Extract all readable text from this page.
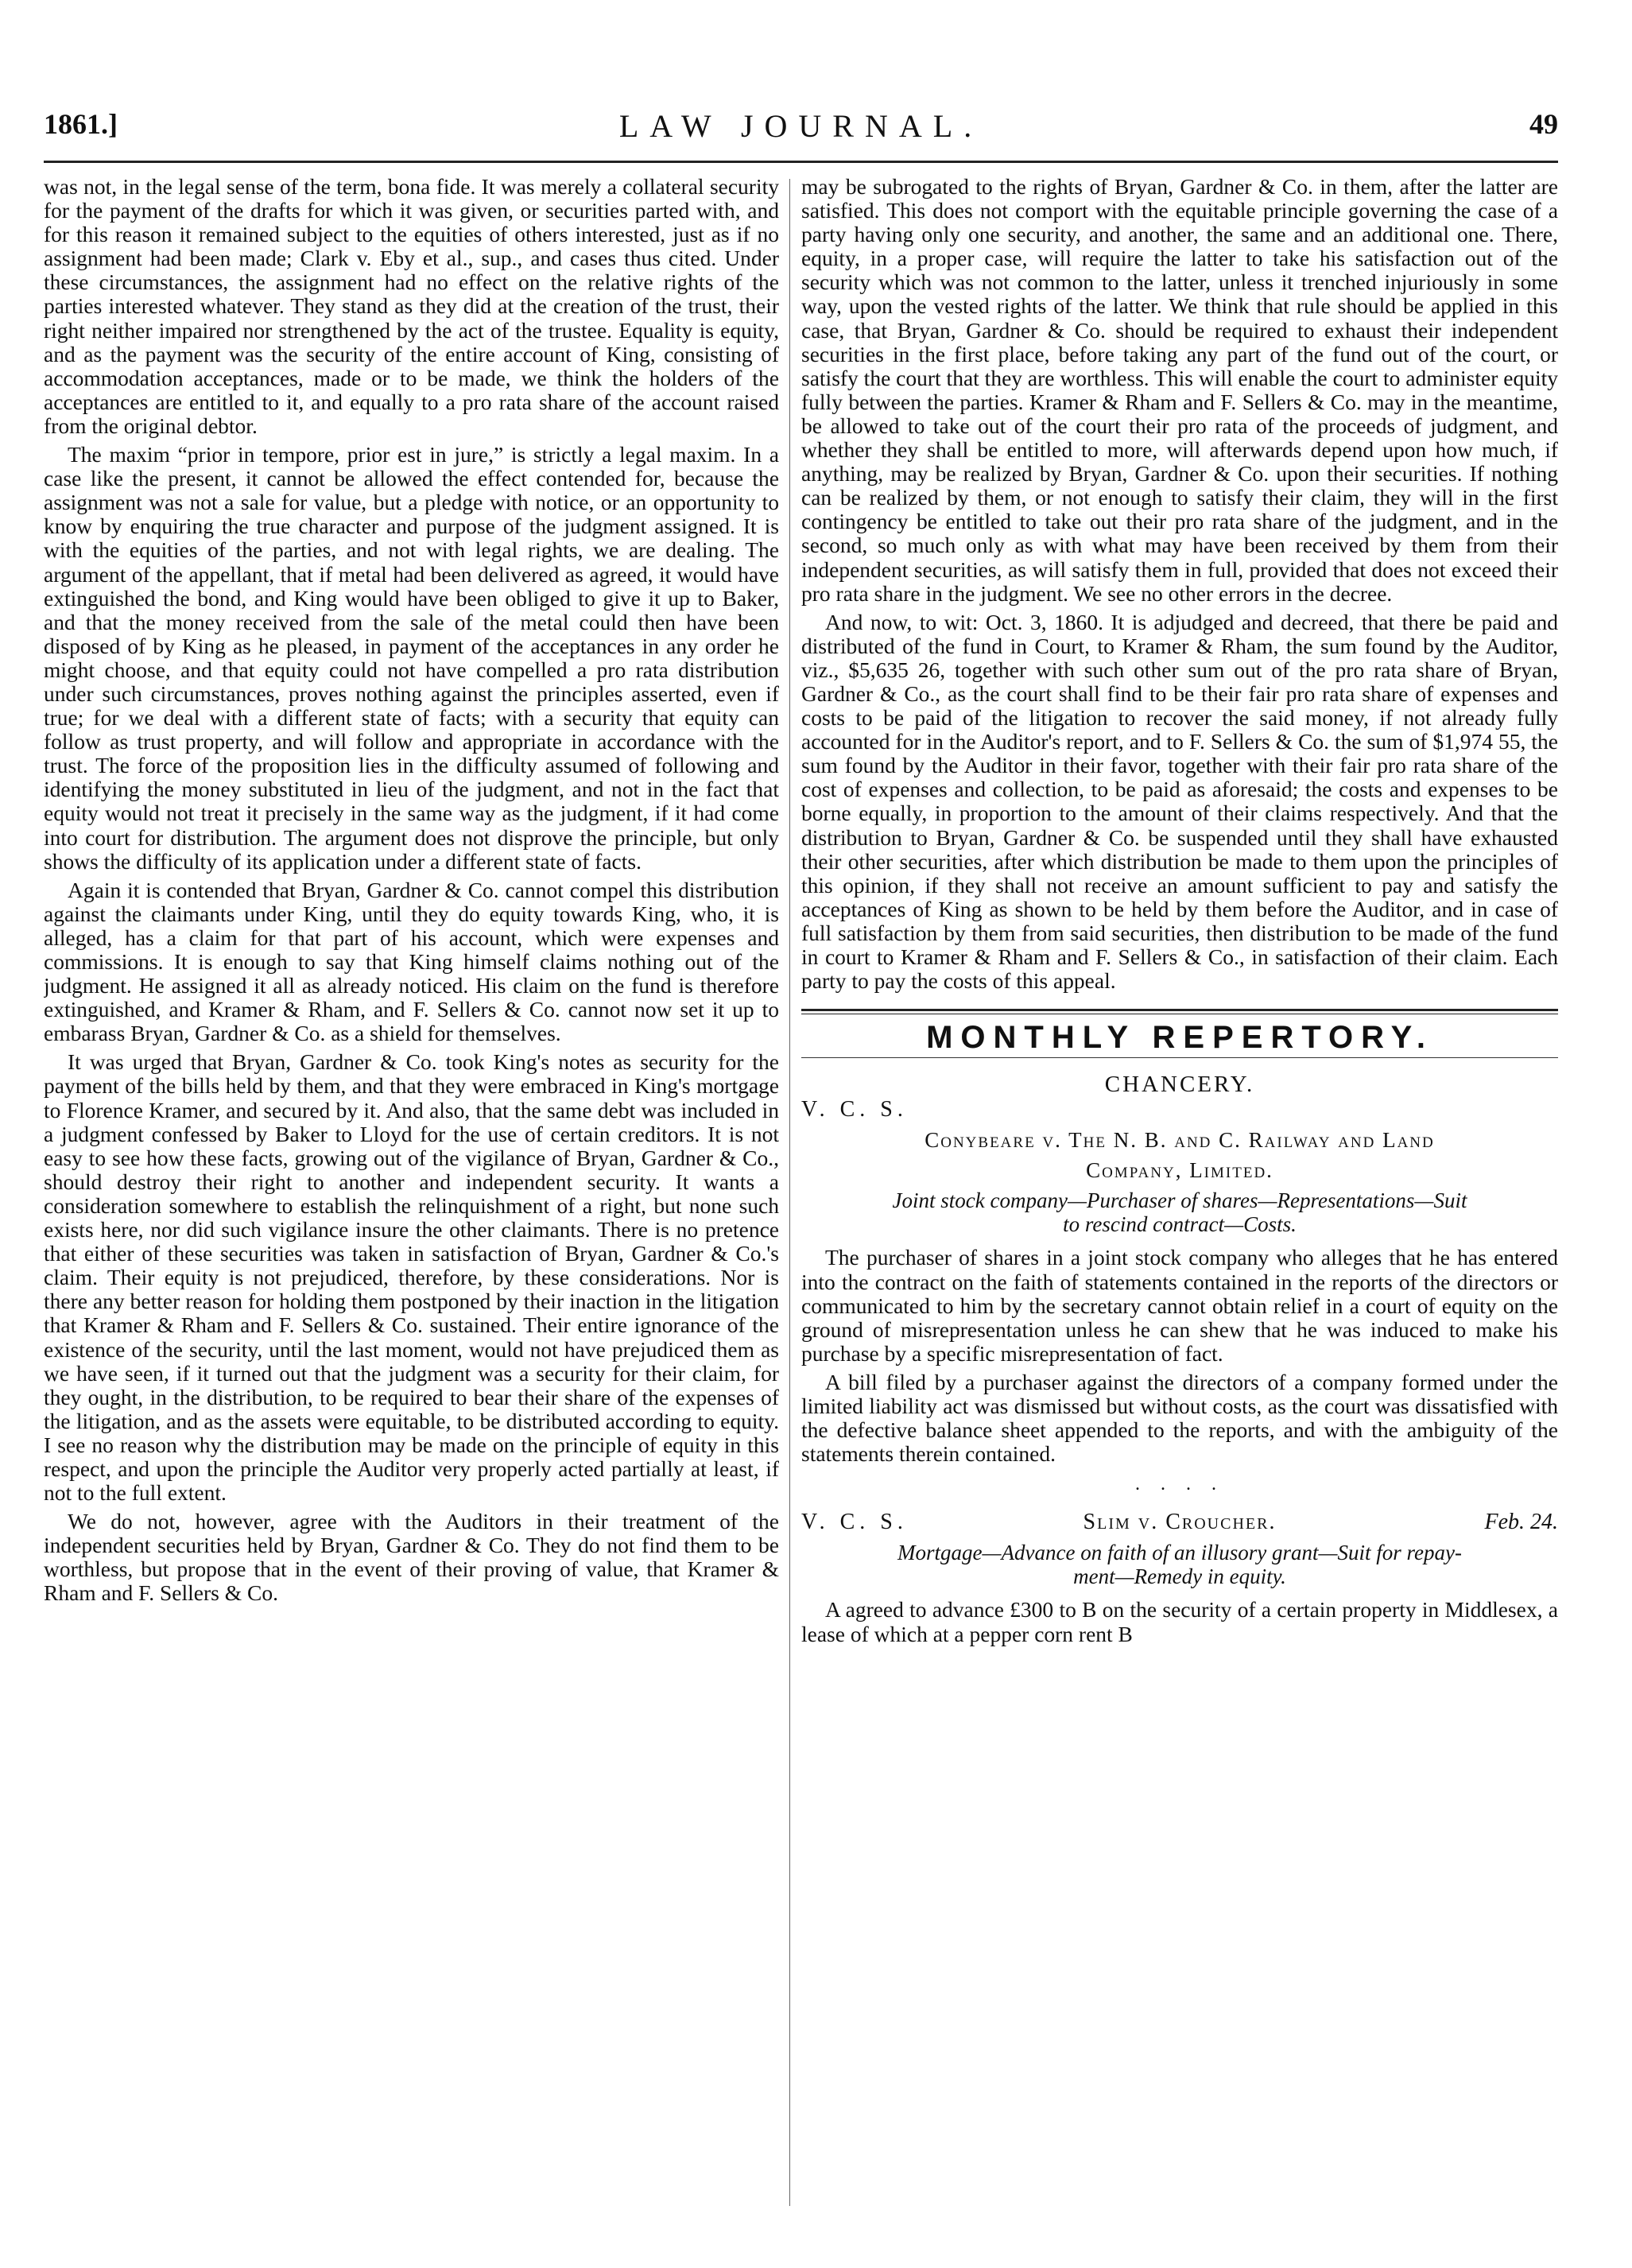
1861.]	LAW JOURNAL.	49

was not, in the legal sense of the term, bona fide. It was merely a collateral security for the payment of the drafts for which it was given, or securities parted with, and for this reason it remained subject to the equities of others interested, just as if no assignment had been made; Clark v. Eby et al., sup., and cases thus cited. Under these circumstances, the assignment had no effect on the relative rights of the parties interested whatever. They stand as they did at the creation of the trust, their right neither impaired nor strengthened by the act of the trustee. Equality is equity, and as the payment was the security of the entire account of King, consisting of accommodation acceptances, made or to be made, we think the holders of the acceptances are entitled to it, and equally to a pro rata share of the account raised from the original debtor.

The maxim “prior in tempore, prior est in jure,” is strictly a legal maxim. In a case like the present, it cannot be allowed the effect contended for, because the assignment was not a sale for value, but a pledge with notice, or an opportunity to know by enquiring the true character and purpose of the judgment assigned. It is with the equities of the parties, and not with legal rights, we are dealing. The argument of the appellant, that if metal had been delivered as agreed, it would have extinguished the bond, and King would have been obliged to give it up to Baker, and that the money received from the sale of the metal could then have been disposed of by King as he pleased, in payment of the acceptances in any order he might choose, and that equity could not have compelled a pro rata distribution under such circumstances, proves nothing against the principles asserted, even if true; for we deal with a different state of facts; with a security that equity can follow as trust property, and will follow and appropriate in accordance with the trust. The force of the proposition lies in the difficulty assumed of following and identifying the money substituted in lieu of the judgment, and not in the fact that equity would not treat it precisely in the same way as the judgment, if it had come into court for distribution. The argument does not disprove the principle, but only shows the difficulty of its application under a different state of facts.

Again it is contended that Bryan, Gardner & Co. cannot compel this distribution against the claimants under King, until they do equity towards King, who, it is alleged, has a claim for that part of his account, which were expenses and commissions. It is enough to say that King himself claims nothing out of the judgment. He assigned it all as already noticed. His claim on the fund is therefore extinguished, and Kramer & Rham, and F. Sellers & Co. cannot now set it up to embarass Bryan, Gardner & Co. as a shield for themselves.

It was urged that Bryan, Gardner & Co. took King's notes as security for the payment of the bills held by them, and that they were embraced in King's mortgage to Florence Kramer, and secured by it. And also, that the same debt was included in a judgment confessed by Baker to Lloyd for the use of certain creditors. It is not easy to see how these facts, growing out of the vigilance of Bryan, Gardner & Co., should destroy their right to another and independent security. It wants a consideration somewhere to establish the relinquishment of a right, but none such exists here, nor did such vigilance insure the other claimants. There is no pretence that either of these securities was taken in satisfaction of Bryan, Gardner & Co.'s claim. Their equity is not prejudiced, therefore, by these considerations. Nor is there any better reason for holding them postponed by their inaction in the litigation that Kramer & Rham and F. Sellers & Co. sustained. Their entire ignorance of the existence of the security, until the last moment, would not have prejudiced them as we have seen, if it turned out that the judgment was a security for their claim, for they ought, in the distribution, to be required to bear their share of the expenses of the litigation, and as the assets were equitable, to be distributed according to equity. I see no reason why the distribution may be made on the principle of equity in this respect, and upon the principle the Auditor very properly acted partially at least, if not to the full extent.

We do not, however, agree with the Auditors in their treatment of the independent securities held by Bryan, Gardner & Co. They do not find them to be worthless, but propose that in the event of their proving of value, that Kramer & Rham and F. Sellers & Co.

may be subrogated to the rights of Bryan, Gardner & Co. in them, after the latter are satisfied. This does not comport with the equitable principle governing the case of a party having only one security, and another, the same and an additional one. There, equity, in a proper case, will require the latter to take his satisfaction out of the security which was not common to the latter, unless it trenched injuriously in some way, upon the vested rights of the latter. We think that rule should be applied in this case, that Bryan, Gardner & Co. should be required to exhaust their independent securities in the first place, before taking any part of the fund out of the court, or satisfy the court that they are worthless. This will enable the court to administer equity fully between the parties. Kramer & Rham and F. Sellers & Co. may in the meantime, be allowed to take out of the court their pro rata of the proceeds of judgment, and whether they shall be entitled to more, will afterwards depend upon how much, if anything, may be realized by Bryan, Gardner & Co. upon their securities. If nothing can be realized by them, or not enough to satisfy their claim, they will in the first contingency be entitled to take out their pro rata share of the judgment, and in the second, so much only as with what may have been received by them from their independent securities, as will satisfy them in full, provided that does not exceed their pro rata share in the judgment. We see no other errors in the decree.

And now, to wit: Oct. 3, 1860. It is adjudged and decreed, that there be paid and distributed of the fund in Court, to Kramer & Rham, the sum found by the Auditor, viz., $5,635 26, together with such other sum out of the pro rata share of Bryan, Gardner & Co., as the court shall find to be their fair pro rata share of expenses and costs to be paid of the litigation to recover the said money, if not already fully accounted for in the Auditor's report, and to F. Sellers & Co. the sum of $1,974 55, the sum found by the Auditor in their favor, together with their fair pro rata share of the cost of expenses and collection, to be paid as aforesaid; the costs and expenses to be borne equally, in proportion to the amount of their claims respectively. And that the distribution to Bryan, Gardner & Co. be suspended until they shall have exhausted their other securities, after which distribution be made to them upon the principles of this opinion, if they shall not receive an amount sufficient to pay and satisfy the acceptances of King as shown to be held by them before the Auditor, and in case of full satisfaction by them from said securities, then distribution to be made of the fund in court to Kramer & Rham and F. Sellers & Co., in satisfaction of their claim. Each party to pay the costs of this appeal.

MONTHLY REPERTORY.
CHANCERY.
V. C. S.
Conybeare v. The N. B. and C. Railway and Land
Company, Limited.
Joint stock company—Purchaser of shares—Representations—Suit
to rescind contract—Costs.

The purchaser of shares in a joint stock company who alleges that he has entered into the contract on the faith of statements contained in the reports of the directors or communicated to him by the secretary cannot obtain relief in a court of equity on the ground of misrepresentation unless he can shew that he was induced to make his purchase by a specific misrepresentation of fact.

A bill filed by a purchaser against the directors of a company formed under the limited liability act was dismissed but without costs, as the court was dissatisfied with the defective balance sheet appended to the reports, and with the ambiguity of the statements therein contained.

. . . .
V. C. S.	Slim v. Croucher.	Feb. 24.
Mortgage—Advance on faith of an illusory grant—Suit for repay-
ment—Remedy in equity.

A agreed to advance £300 to B on the security of a certain property in Middlesex, a lease of which at a pepper corn rent B
